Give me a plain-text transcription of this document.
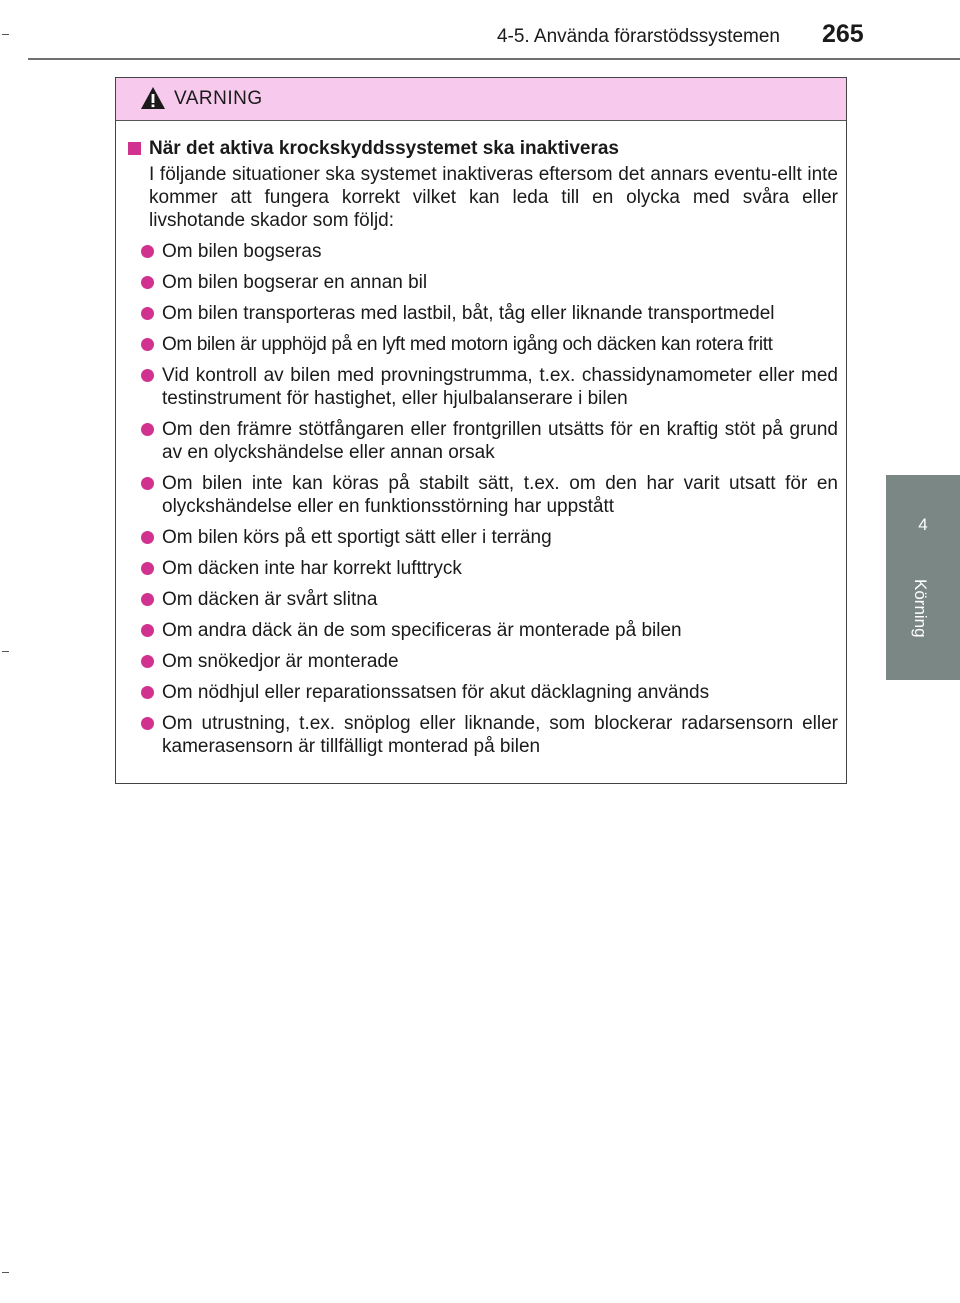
4-5. Använda förarstödssystemen 265
4
Körning
VARNING
När det aktiva krockskyddssystemet ska inaktiveras
I följande situationer ska systemet inaktiveras eftersom det annars eventu-ellt inte kommer att fungera korrekt vilket kan leda till en olycka med svåra eller livshotande skador som följd:
Om bilen bogseras
Om bilen bogserar en annan bil
Om bilen transporteras med lastbil, båt, tåg eller liknande transportmedel
Om bilen är upphöjd på en lyft med motorn igång och däcken kan rotera fritt
Vid kontroll av bilen med provningstrumma, t.ex. chassidynamometer eller med testinstrument för hastighet, eller hjulbalanserare i bilen
Om den främre stötfångaren eller frontgrillen utsätts för en kraftig stöt på grund av en olyckshändelse eller annan orsak
Om bilen inte kan köras på stabilt sätt, t.ex. om den har varit utsatt för en olyckshändelse eller en funktionsstörning har uppstått
Om bilen körs på ett sportigt sätt eller i terräng
Om däcken inte har korrekt lufttryck
Om däcken är svårt slitna
Om andra däck än de som specificeras är monterade på bilen
Om snökedjor är monterade
Om nödhjul eller reparationssatsen för akut däcklagning används
Om utrustning, t.ex. snöplog eller liknande, som blockerar radarsensorn eller kamerasensorn är tillfälligt monterad på bilen
